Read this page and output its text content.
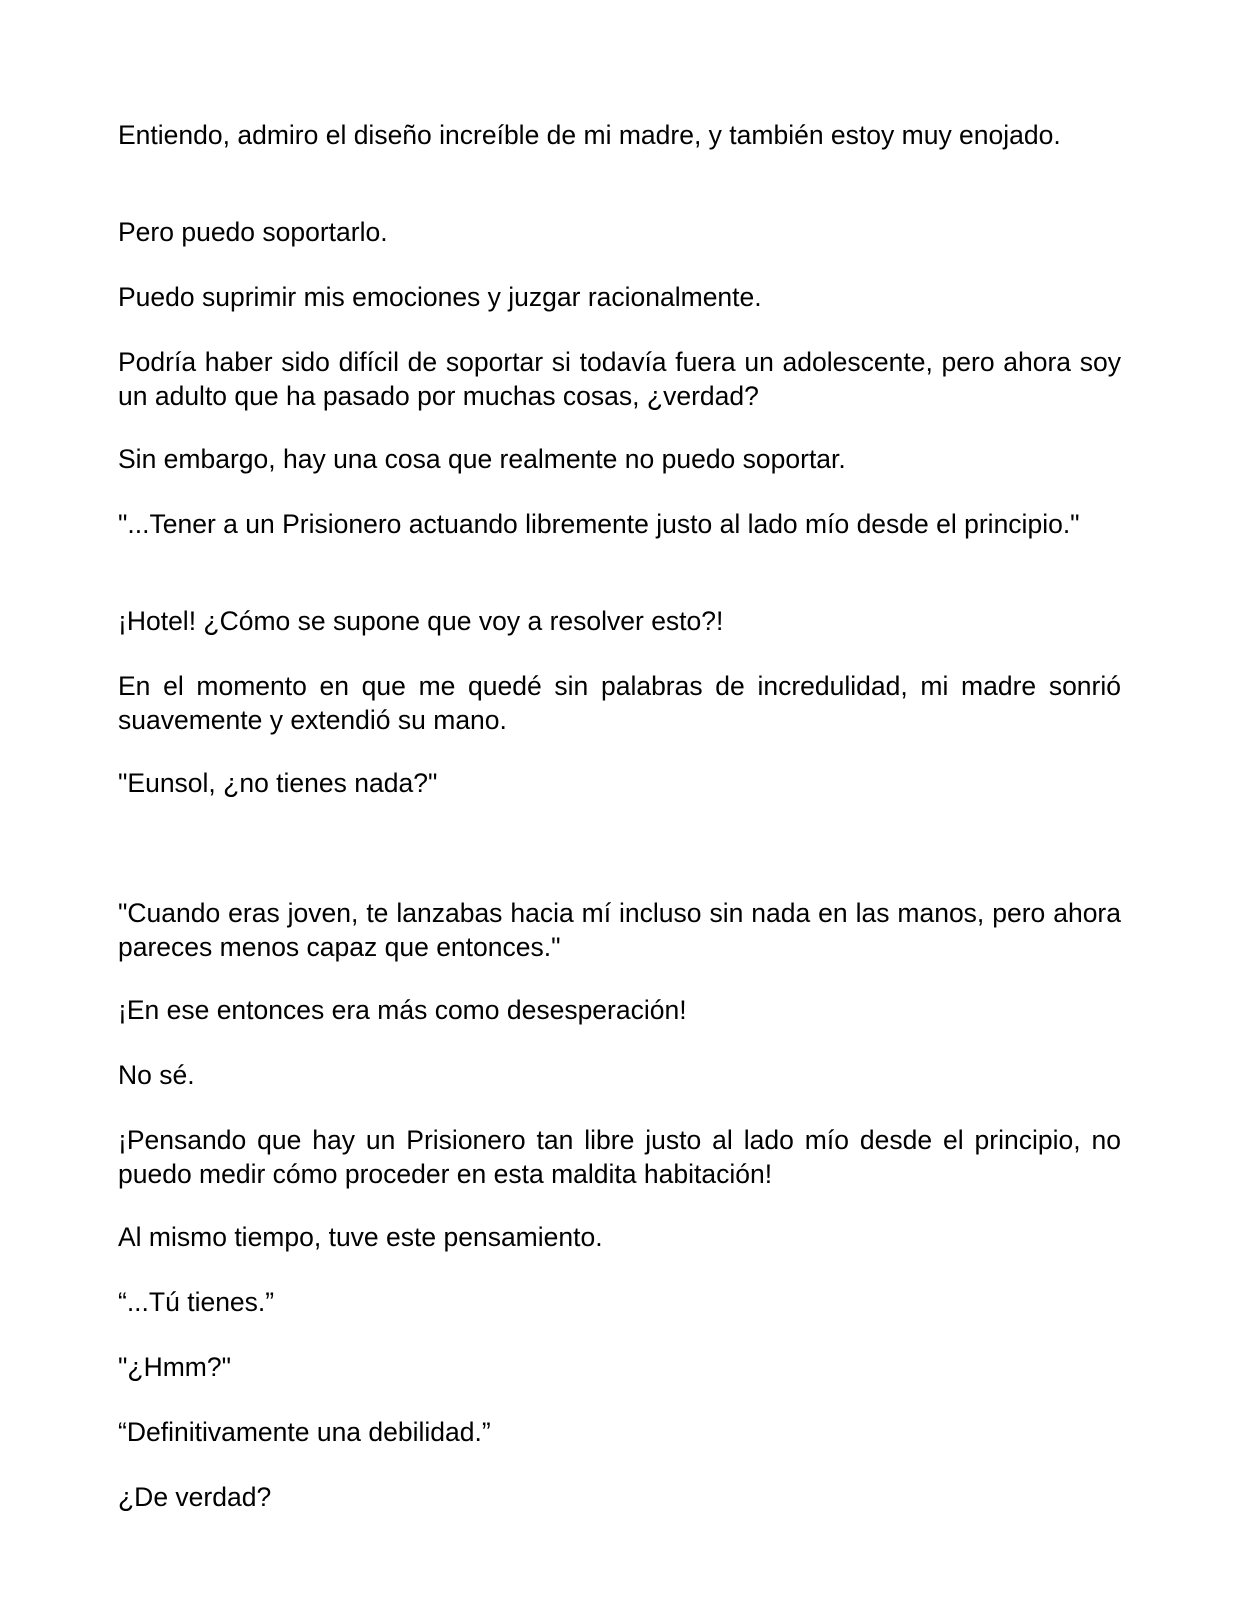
Entiendo, admiro el diseño increíble de mi madre, y también estoy muy enojado.

Pero puedo soportarlo.

Puedo suprimir mis emociones y juzgar racionalmente.

Podría haber sido difícil de soportar si todavía fuera un adolescente, pero ahora soy un adulto que ha pasado por muchas cosas, ¿verdad?

Sin embargo, hay una cosa que realmente no puedo soportar.

"...Tener a un Prisionero actuando libremente justo al lado mío desde el principio."

¡Hotel! ¿Cómo se supone que voy a resolver esto?!

En el momento en que me quedé sin palabras de incredulidad, mi madre sonrió suavemente y extendió su mano.

"Eunsol, ¿no tienes nada?"

"Cuando eras joven, te lanzabas hacia mí incluso sin nada en las manos, pero ahora pareces menos capaz que entonces."

¡En ese entonces era más como desesperación!

No sé.

¡Pensando que hay un Prisionero tan libre justo al lado mío desde el principio, no puedo medir cómo proceder en esta maldita habitación!

Al mismo tiempo, tuve este pensamiento.

“...Tú tienes.”

"¿Hmm?"

“Definitivamente una debilidad.”

¿De verdad?
